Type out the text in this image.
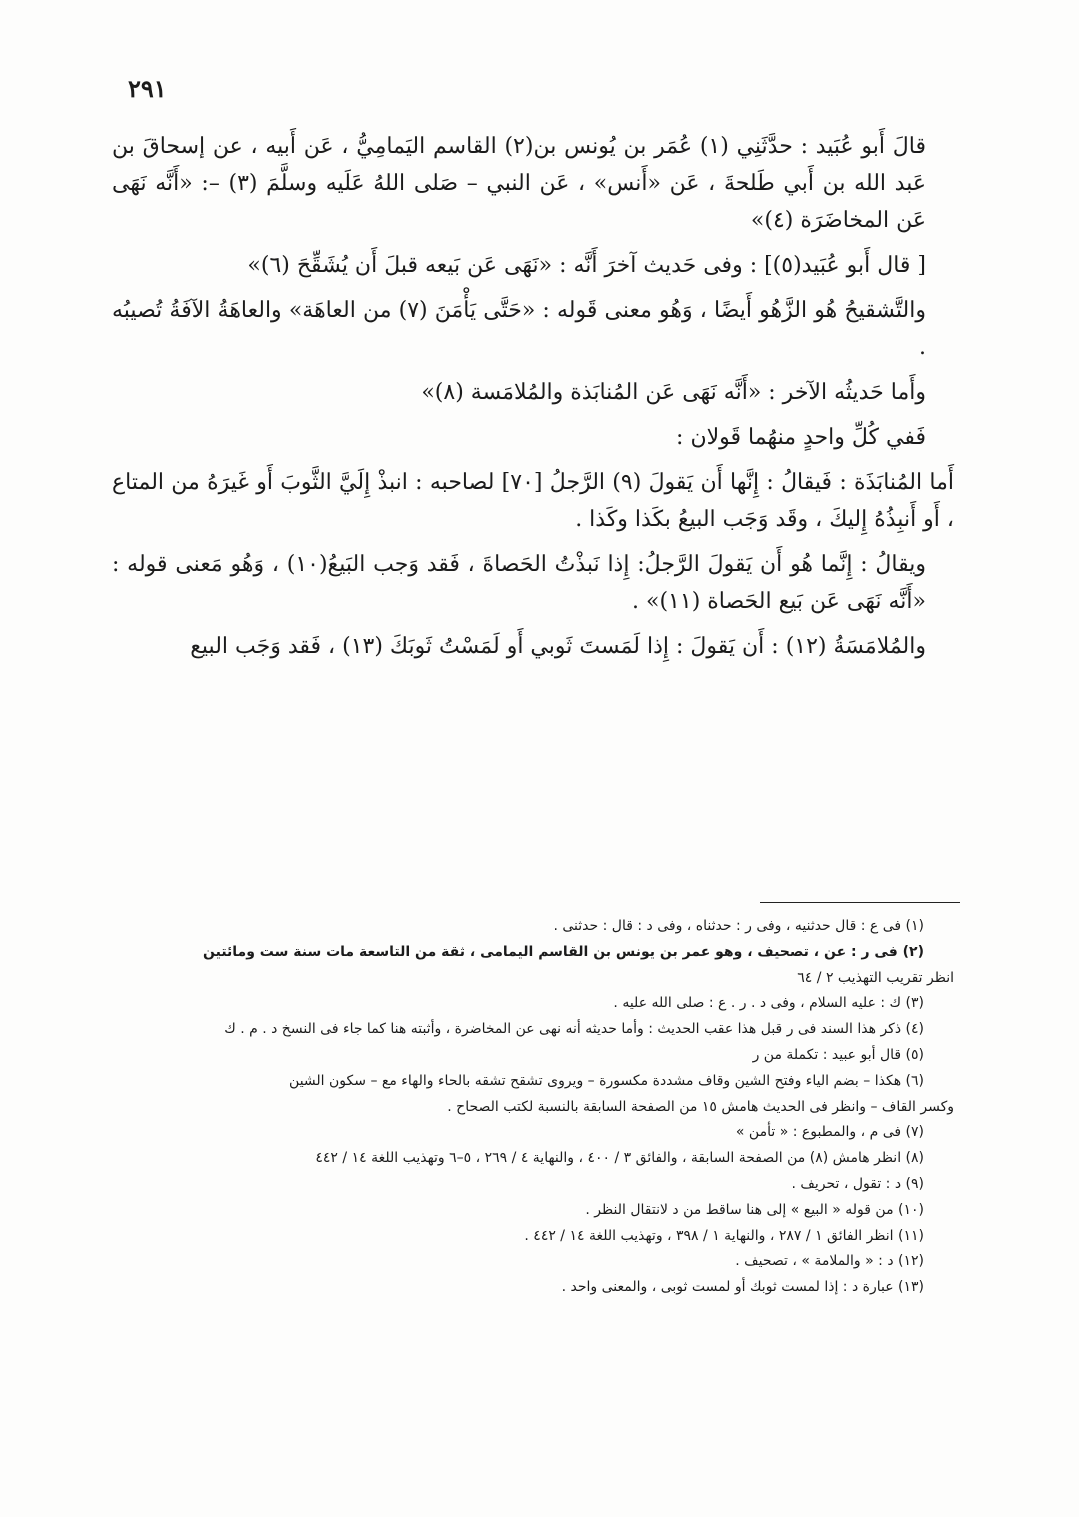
٢٩١

قالَ أَبو عُبَيد : حدَّثَنِي (١) عُمَر بن يُونس بن(٢) القاسم اليَمامِيُّ ، عَن أَبيه ، عن إسحاقَ بن عَبد الله بن أَبي طَلحةَ ، عَن «أَنس» ، عَن النبي – صَلى اللهُ عَلَيه وسلَّمَ (٣) –: «أَنَّه نَهَى عَن المخاضَرَة (٤)»

[ قال أَبو عُبَيد(٥)] : وفى حَديث آخرَ أَنَّه : «نَهَى عَن بَيعه قبلَ أَن يُشَقِّحَ (٦)»

والتَّشقيحُ هُو الزَّهُو أَيضًا ، وَهُو معنى قَوله : «حَتَّى يَأْمَنَ (٧) من العاهَة» والعاهَةُ الآفَةُ تُصيبُه .

وأَما حَديثُه الآخر : «أَنَّه نَهَى عَن المُنابَذة والمُلامَسة (٨)»

فَفي كُلِّ واحدٍ منهُما قَولان :

أَما المُنابَذَة : فَيقالُ : إِنَّها أَن يَقولَ (٩) الرَّجلُ [٧٠] لصاحبه : انبذْ إِلَيَّ الثَّوبَ أَو غَيرَهُ من المتاع ، أَو أَنبِذُهُ إِليكَ ، وقَد وَجَب البيعُ بكَذا وكَذا .

ويقالُ : إِنَّما هُو أَن يَقولَ الرَّجلُ: إِذا نَبذْتُ الحَصاةَ ، فَقد وَجب البَيعُ(١٠) ، وَهُو مَعنى قوله : «أَنَّه نَهَى عَن بَيع الحَصاة (١١)» .

والمُلامَسَةُ (١٢) : أَن يَقولَ : إِذا لَمَستَ ثَوبي أَو لَمَسْتُ ثَوبَكَ (١٣) ، فَقد وَجَب البيع

(١) فى ع : قال حدثنيه ، وفى ر : حدثناه ، وفى د : قال : حدثنى .

(٢) فى ر : عن ، تصحيف ، وهو عمر بن يونس بن القاسم اليمامى ، ثقة من التاسعة مات سنة ست ومائتين

انظر تقريب التهذيب ٢ / ٦٤

(٣) ك : عليه السلام ، وفى د . ر . ع : صلى الله عليه .

(٤) ذكر هذا السند فى ر قبل هذا عقب الحديث : وأما حديثه أنه نهى عن المخاضرة ، وأثبته هنا كما جاء فى النسخ د . م . ك

(٥) قال أبو عبيد : تكملة من ر

(٦) هكذا – بضم الياء وفتح الشين وقاف مشددة مكسورة – ويروى تشقح تشقه بالحاء والهاء مع – سكون الشين

وكسر القاف – وانظر فى الحديث هامش ١٥ من الصفحة السابقة بالنسبة لكتب الصحاح .

(٧) فى م ، والمطبوع : « تأمن »

(٨) انظر هامش (٨) من الصفحة السابقة ، والفائق ٣ / ٤٠٠ ، والنهاية ٤ / ٢٦٩ ، ٥–٦ وتهذيب اللغة ١٤ / ٤٤٢

(٩) د : تقول ، تحريف .

(١٠) من قوله « البيع » إلى هنا ساقط من د لانتقال النظر .

(١١) انظر الفائق ١ / ٢٨٧ ، والنهاية ١ / ٣٩٨ ، وتهذيب اللغة ١٤ / ٤٤٢ .

(١٢) د : « والملامة » ، تصحيف .

(١٣) عبارة د : إذا لمست ثوبك أو لمست ثوبى ، والمعنى واحد .
